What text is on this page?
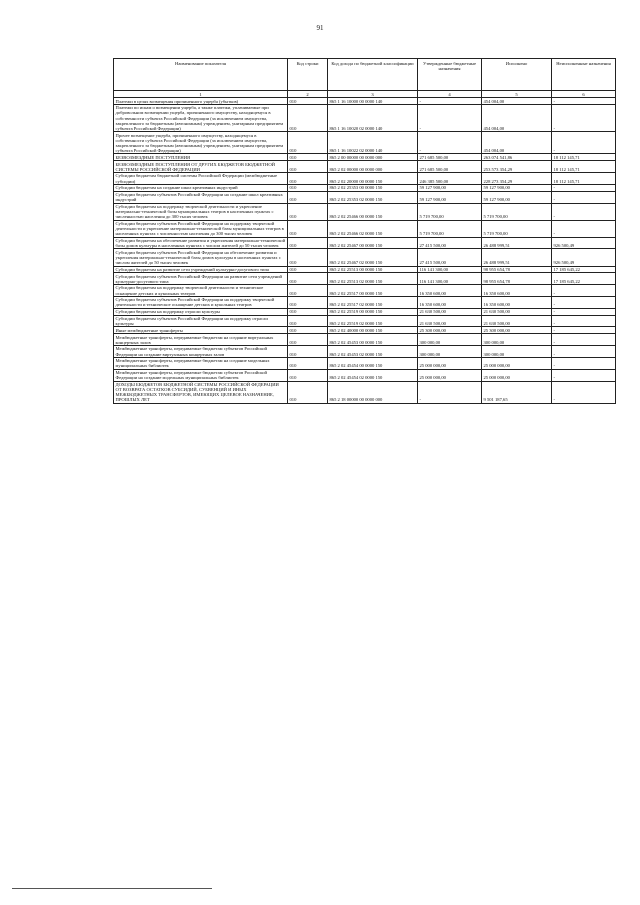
91
Наименование показателя	Код строки	Код дохода по бюджетной классификации	Утвержденные бюджетные назначения	Исполнено	Неисполненные назначения
1	2	3	4	5	6
Платежи в целях возмещения причиненного ущерба (убытков)	010	865 1 16 10000 00 0000 140	-	454 004,00	-
Платежи по искам о возмещении ущерба, а также платежи, уплачиваемые при добровольном возмещении ущерба, причиненного имуществу, находящемуся в собственности субъекта Российской Федерации (за исключением имущества, закрепленного за бюджетным (автономным) учреждением, унитарным предприятием субъекта Российской Федерации)	010	865 1 16 10020 02 0000 140	-	454 004,00	-
Прочее возмещение ущерба, причиненного имуществу, находящемуся в собственности субъекта Российской Федерации (за исключением имущества, закрепленного за бюджетным (автономным) учреждением, унитарным предприятием субъекта Российской Федерации)	010	865 1 16 10022 02 0000 140	-	454 004,00	-
БЕЗВОЗМЕЗДНЫЕ ПОСТУПЛЕНИЯ	010	865 2 00 00000 00 0000 000	271 685 500,00	263 074 541,86	18 112 145,71
БЕЗВОЗМЕЗДНЫЕ ПОСТУПЛЕНИЯ ОТ ДРУГИХ БЮДЖЕТОВ БЮДЖЕТНОЙ СИСТЕМЫ РОССИЙСКОЙ ФЕДЕРАЦИИ	010	865 2 02 00000 00 0000 000	271 685 500,00	253 573 354,29	18 112 145,71
Субсидии бюджетам бюджетной системы Российской Федерации (межбюджетные субсидии)	010	865 2 02 20000 00 0000 150	246 385 500,00	228 273 354,29	18 112 145,71
Субсидии бюджетам на создание школ креативных индустрий	010	865 2 02 25353 00 0000 150	59 127 900,00	59 127 900,00	-
Субсидии бюджетам субъектов Российской Федерации на создание школ креативных индустрий	010	865 2 02 25353 02 0000 150	59 127 900,00	59 127 900,00	-
Субсидии бюджетам на поддержку творческой деятельности и укрепление материально-технической базы муниципальных театров в населенных пунктах с численностью населения до 300 тысяч человек	010	865 2 02 25466 00 0000 150	5 719 700,00	5 719 700,00	-
Субсидии бюджетам субъектов Российской Федерации на поддержку творческой деятельности и укрепление материально-технической базы муниципальных театров в населенных пунктах с численностью населения до 300 тысяч человек	010	865 2 02 25466 02 0000 150	5 719 700,00	5 719 700,00	-
Субсидии бюджетам на обеспечение развития и укрепления материально-технической базы домов культуры в населенных пунктах с числом жителей до 50 тысяч человек	010	865 2 02 25467 00 0000 150	27 415 500,00	26 488 999,51	926 500,49
Субсидии бюджетам субъектов Российской Федерации на обеспечение развития и укрепления материально-технической базы домов культуры в населенных пунктах с числом жителей до 50 тысяч человек	010	865 2 02 25467 02 0000 150	27 415 500,00	26 488 999,51	926 500,49
Субсидии бюджетам на развитие сети учреждений культурно-досугового типа	010	865 2 02 25513 00 0000 150	116 141 300,00	98 955 654,78	17 185 645,22
Субсидии бюджетам субъектов Российской Федерации на развитие сети учреждений культурно-досугового типа	010	865 2 02 25513 02 0000 150	116 141 300,00	98 955 654,78	17 185 645,22
Субсидии бюджетам на поддержку творческой деятельности и техническое оснащение детских и кукольных театров	010	865 2 02 25517 00 0000 150	16 350 600,00	16 350 600,00	-
Субсидии бюджетам субъектов Российской Федерации на поддержку творческой деятельности и техническое оснащение детских и кукольных театров	010	865 2 02 25517 02 0000 150	16 350 600,00	16 350 600,00	-
Субсидии бюджетам на поддержку отрасли культуры	010	865 2 02 25519 00 0000 150	21 630 500,00	21 630 500,00	-
Субсидии бюджетам субъектов Российской Федерации на поддержку отрасли культуры	010	865 2 02 25519 02 0000 150	21 630 500,00	21 630 500,00	-
Иные межбюджетные трансферты	010	865 2 02 40000 00 0000 150	25 300 000,00	25 300 000,00	-
Межбюджетные трансферты, передаваемые бюджетам на создание виртуальных концертных залов	010	865 2 02 45453 00 0000 150	300 000,00	300 000,00	-
Межбюджетные трансферты, передаваемые бюджетам субъектов Российской Федерации на создание виртуальных концертных залов	010	865 2 02 45453 02 0000 150	300 000,00	300 000,00	-
Межбюджетные трансферты, передаваемые бюджетам на создание модельных муниципальных библиотек	010	865 2 02 45454 00 0000 150	25 000 000,00	25 000 000,00	-
Межбюджетные трансферты, передаваемые бюджетам субъектов Российской Федерации на создание модельных муниципальных библиотек	010	865 2 02 45454 02 0000 150	25 000 000,00	25 000 000,00	-
ДОХОДЫ БЮДЖЕТОВ БЮДЖЕТНОЙ СИСТЕМЫ РОССИЙСКОЙ ФЕДЕРАЦИИ ОТ ВОЗВРАТА ОСТАТКОВ СУБСИДИЙ, СУБВЕНЦИЙ И ИНЫХ МЕЖБЮДЖЕТНЫХ ТРАНСФЕРТОВ, ИМЕЮЩИХ ЦЕЛЕВОЕ НАЗНАЧЕНИЕ, ПРОШЛЫХ ЛЕТ	010	865 2 18 00000 00 0000 000	-	9 501 187,65	-
